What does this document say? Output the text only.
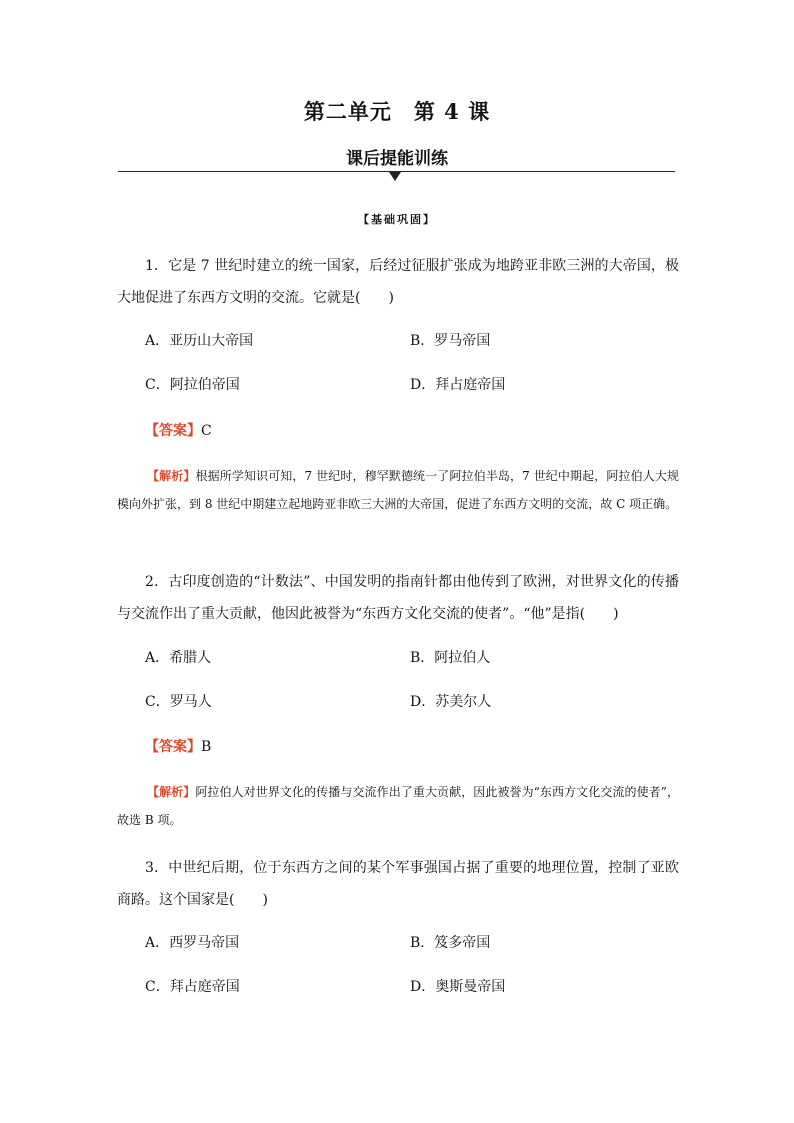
第二单元　第 4 课
课后提能训练
【基础巩固】
1．它是 7 世纪时建立的统一国家，后经过征服扩张成为地跨亚非欧三洲的大帝国，极大地促进了东西方文明的交流。它就是(　　)
A．亚历山大帝国	B．罗马帝国
C．阿拉伯帝国	D．拜占庭帝国
【答案】C
【解析】根据所学知识可知，7 世纪时，穆罕默德统一了阿拉伯半岛，7 世纪中期起，阿拉伯人大规模向外扩张，到 8 世纪中期建立起地跨亚非欧三大洲的大帝国，促进了东西方文明的交流，故 C 项正确。
2．古印度创造的“计数法”、中国发明的指南针都由他传到了欧洲，对世界文化的传播与交流作出了重大贡献，他因此被誉为“东西方文化交流的使者”。“他”是指(　　)
A．希腊人	B．阿拉伯人
C．罗马人	D．苏美尔人
【答案】B
【解析】阿拉伯人对世界文化的传播与交流作出了重大贡献，因此被誉为“东西方文化交流的使者”，故选 B 项。
3．中世纪后期，位于东西方之间的某个军事强国占据了重要的地理位置，控制了亚欧商路。这个国家是(　　)
A．西罗马帝国	B．笈多帝国
C．拜占庭帝国	D．奥斯曼帝国
